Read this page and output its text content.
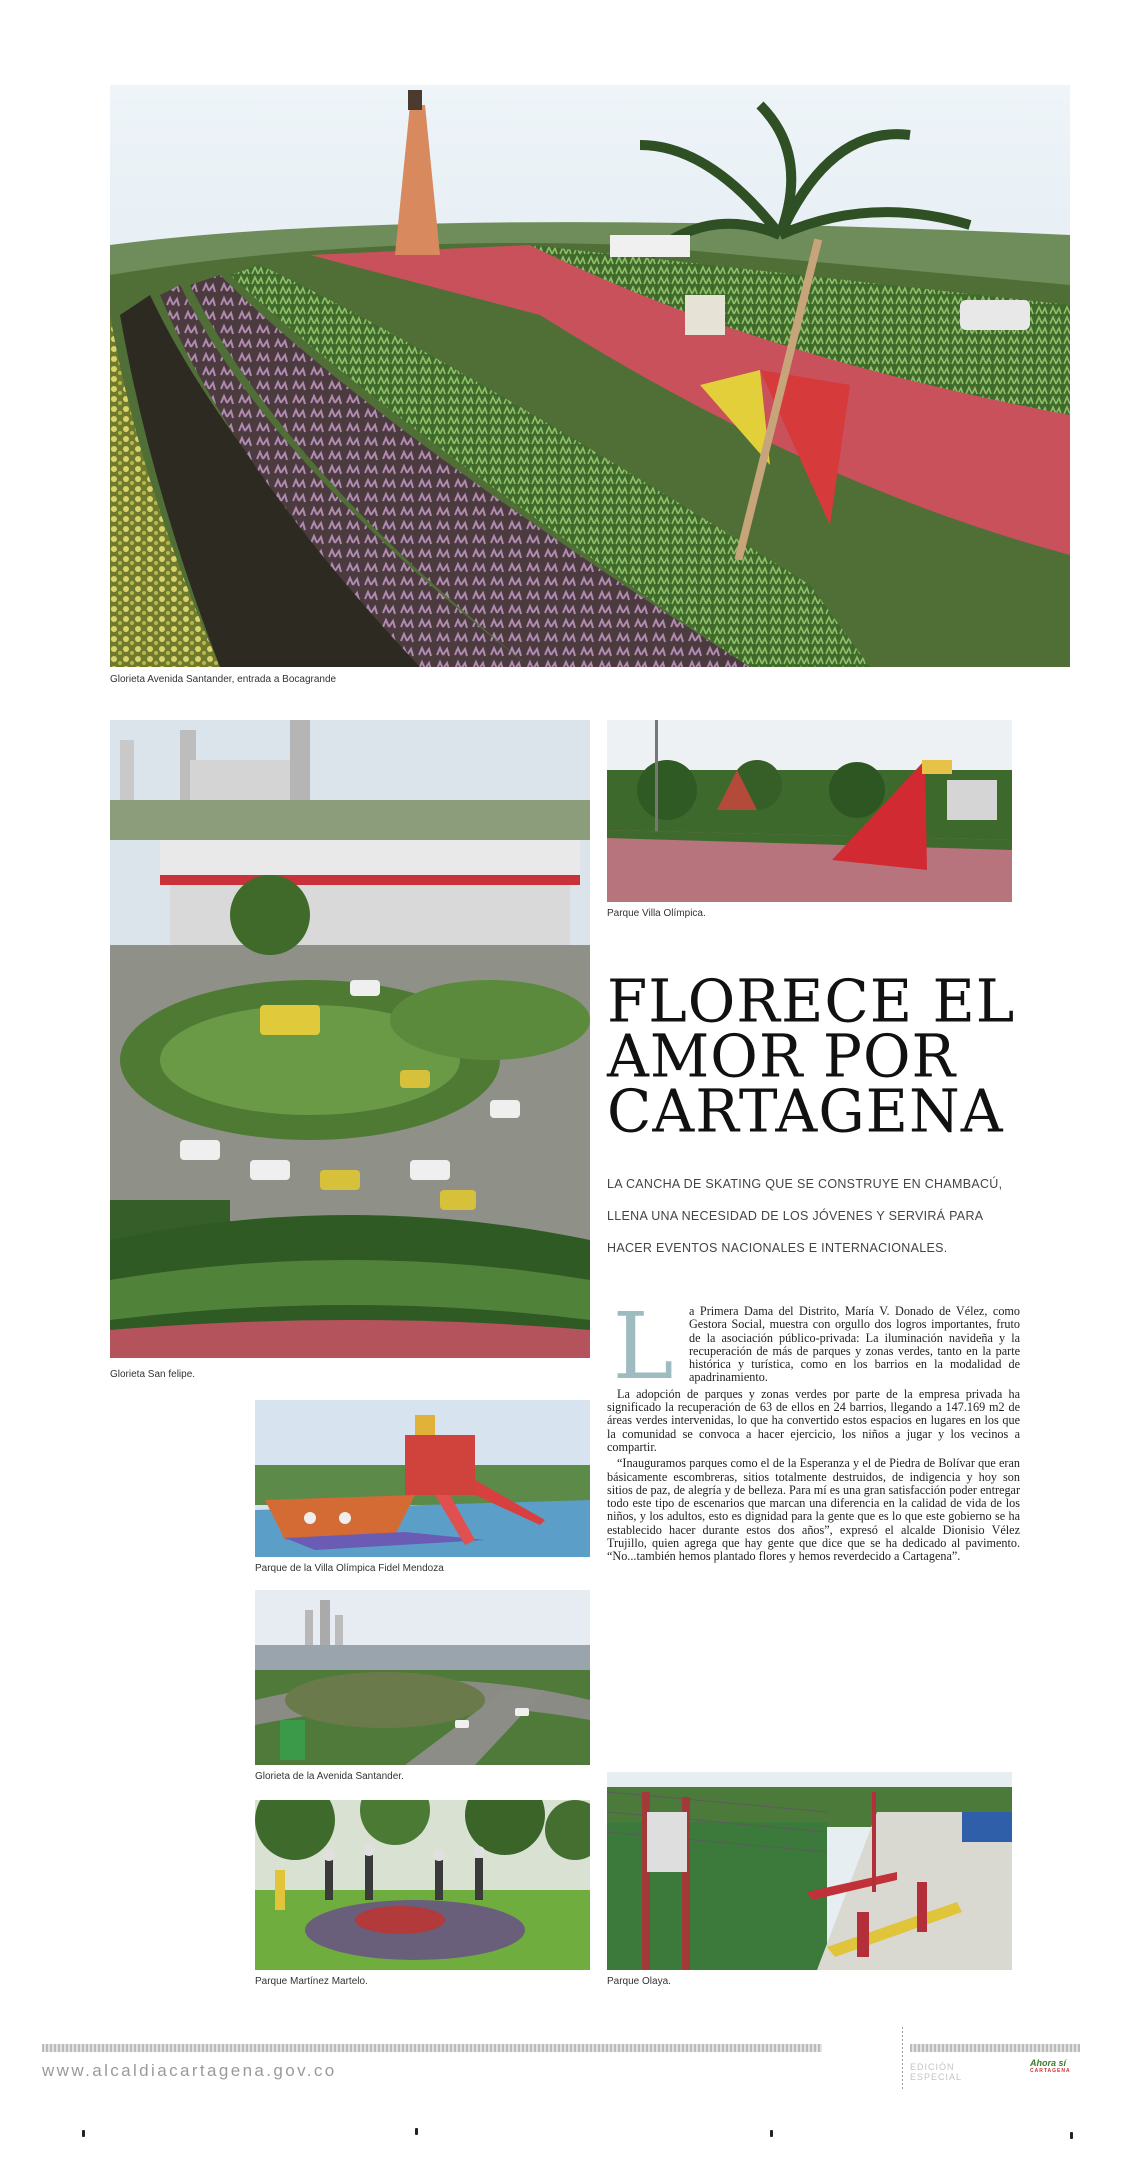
Glorieta Avenida Santander, entrada a Bocagrande
Glorieta San felipe.
Parque Villa Olímpica.
FLORECE EL
AMOR POR
CARTAGENA
LA CANCHA DE SKATING QUE SE CONSTRUYE EN CHAMBACÚ, LLENA UNA NECESIDAD DE LOS JÓVENES Y SERVIRÁ PARA HACER EVENTOS NACIONALES E INTERNACIONALES.
L	a Primera Dama del Distrito, María V. Donado de Vélez, como Gestora Social, muestra con orgullo dos logros importantes, fruto de la asociación público-privada: La iluminación navideña y la recuperación de más de parques y zonas verdes, tanto en la parte histórica y turística, como en los barrios en la modalidad de apadrinamiento.

La adopción de parques y zonas verdes por parte de la empresa privada ha significado la recuperación de 63 de ellos en 24 barrios, llegando a 147.169 m2 de áreas verdes intervenidas, lo que ha convertido estos espacios en lugares en los que la comunidad se convoca a hacer ejercicio, los niños a jugar y los vecinos a compartir.

“Inauguramos parques como el de la Esperanza y el de Piedra de Bolívar que eran básicamente escombreras, sitios totalmente destruidos, de indigencia y hoy son sitios de paz, de alegría y de belleza. Para mí es una gran satisfacción poder entregar todo este tipo de escenarios que marcan una diferencia en la calidad de vida de los niños, y los adultos, esto es dignidad para la gente que es lo que este gobierno se ha establecido hacer durante estos dos años”, expresó el alcalde Dionisio Vélez Trujillo, quien agrega que hay gente que dice que se ha dedicado al pavimento. “No...también hemos plantado flores y hemos reverdecido a Cartagena”.

Parque de la Villa Olímpica Fidel Mendoza
Glorieta de la Avenida Santander.
Parque Martínez Martelo.	Parque Olaya.
www.alcaldiacartagena.gov.co	EDICIÓN
ESPECIAL
Ahora sí
CARTAGENA
